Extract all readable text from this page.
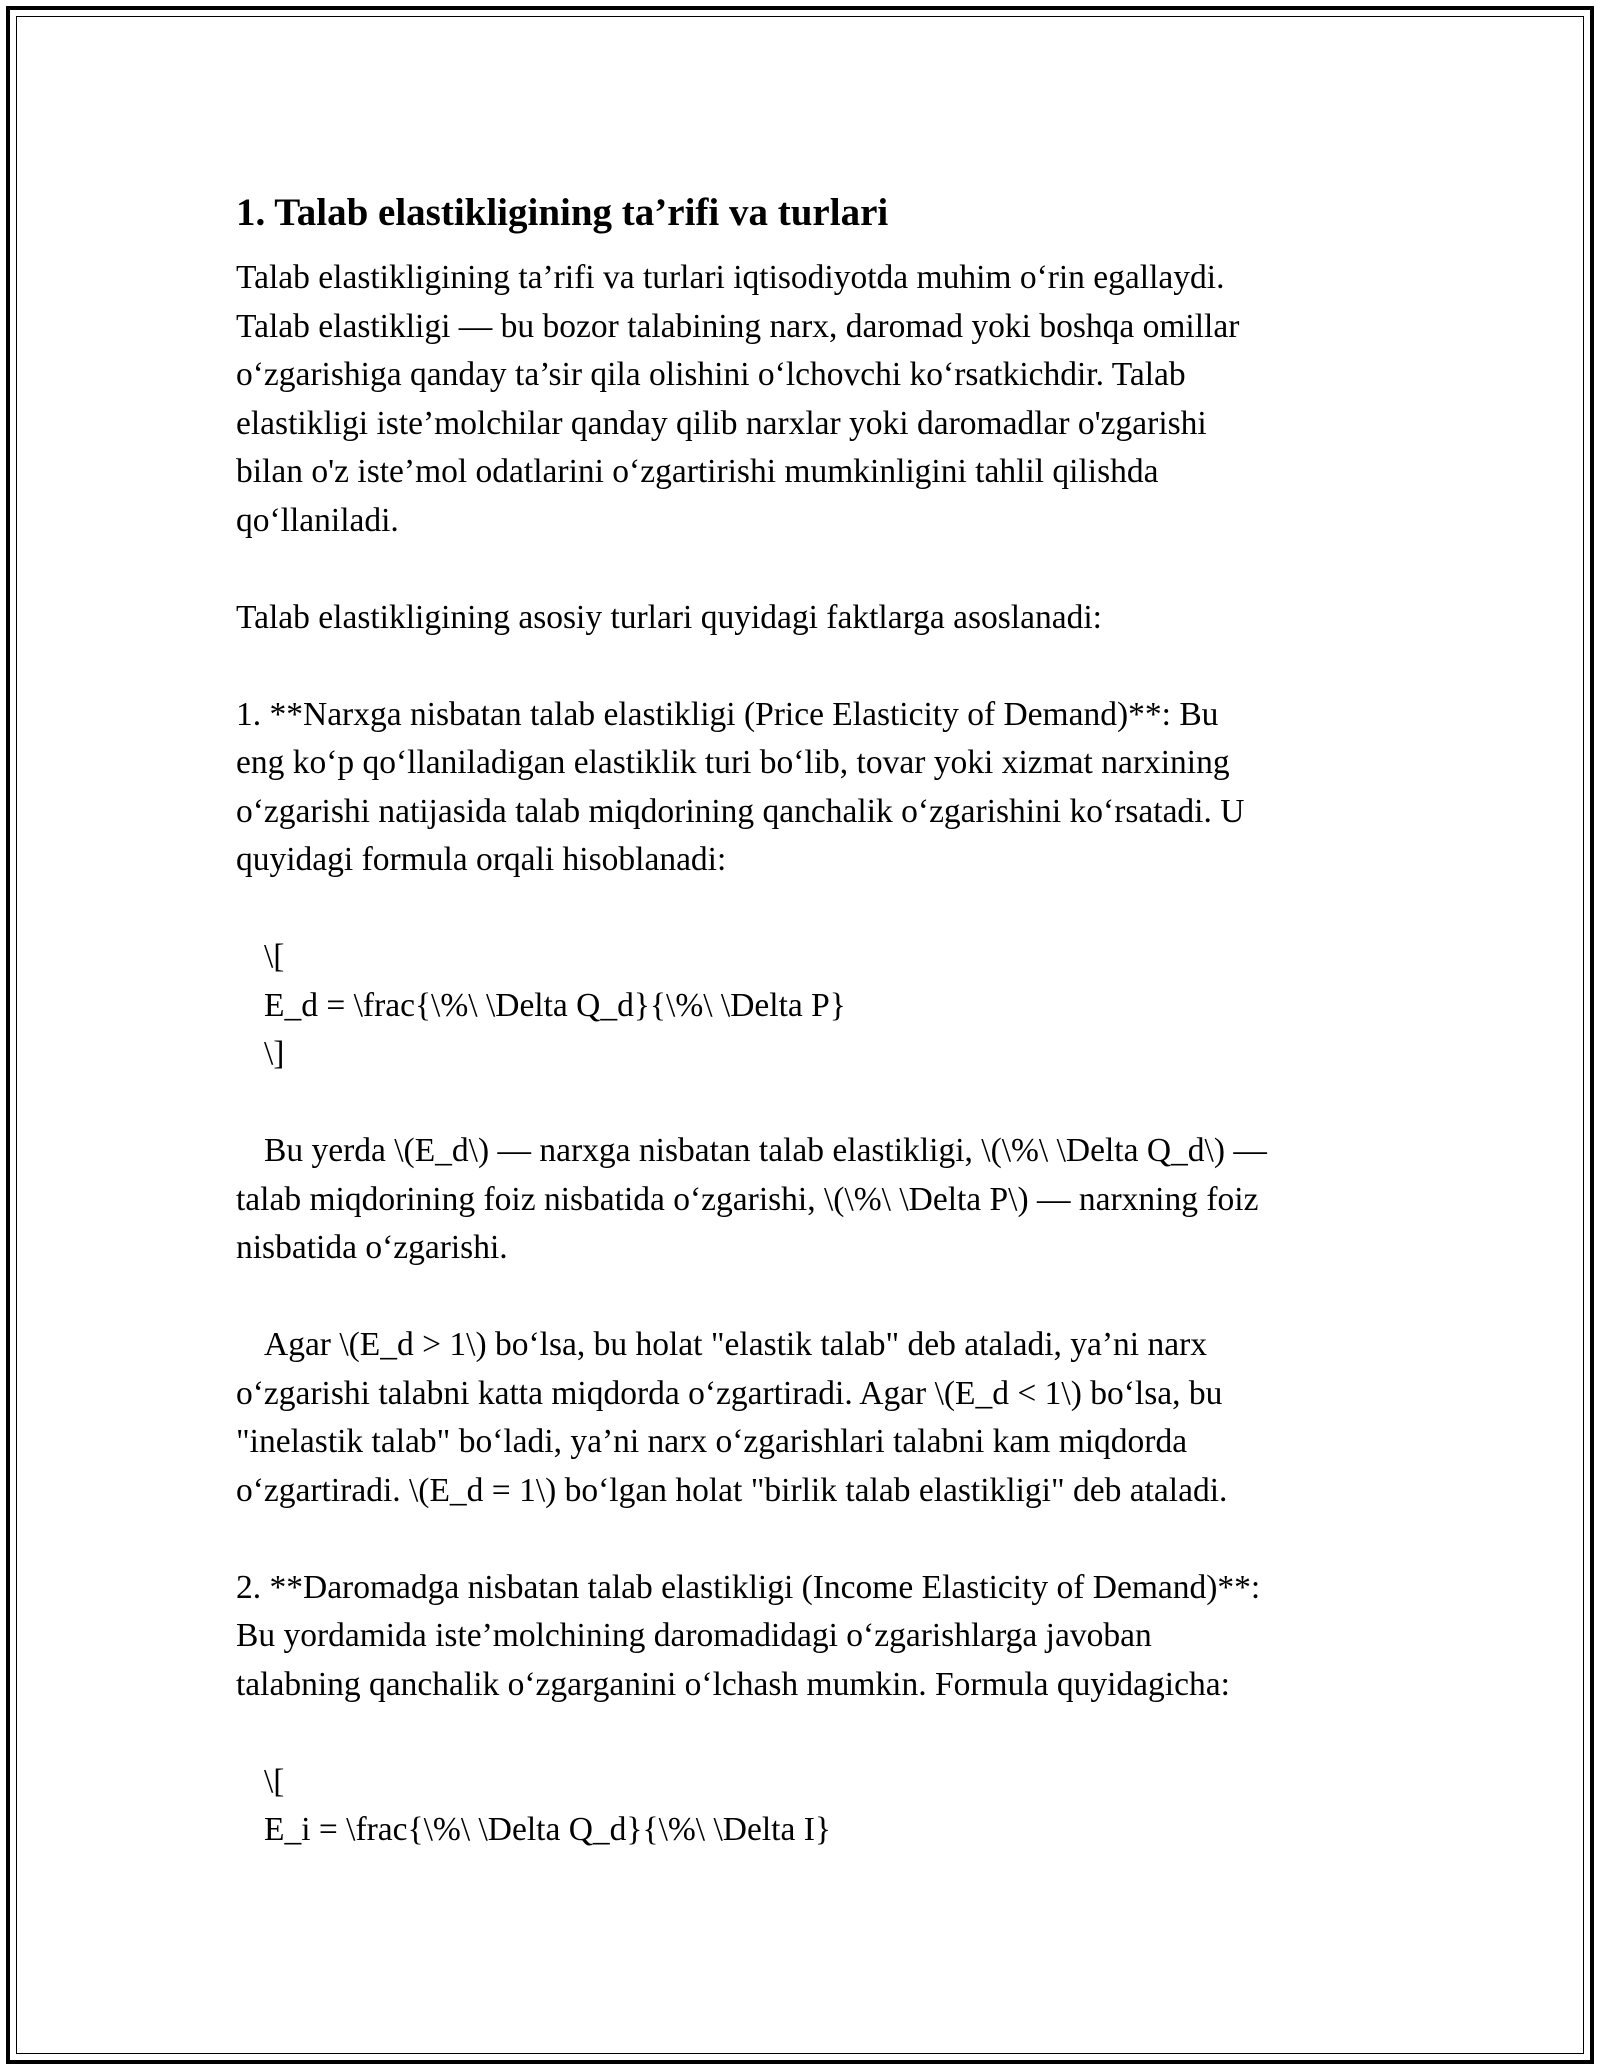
1. Talab elastikligining ta’rifi va turlari
Talab elastikligining ta’rifi va turlari iqtisodiyotda muhim o‘rin egallaydi.
Talab elastikligi — bu bozor talabining narx, daromad yoki boshqa omillar
o‘zgarishiga qanday ta’sir qila olishini o‘lchovchi ko‘rsatkichdir. Talab
elastikligi iste’molchilar qanday qilib narxlar yoki daromadlar o'zgarishi
bilan o'z iste’mol odatlarini o‘zgartirishi mumkinligini tahlil qilishda
qo‘llaniladi.
Talab elastikligining asosiy turlari quyidagi faktlarga asoslanadi:
1. **Narxga nisbatan talab elastikligi (Price Elasticity of Demand)**: Bu
eng ko‘p qo‘llaniladigan elastiklik turi bo‘lib, tovar yoki xizmat narxining
o‘zgarishi natijasida talab miqdorining qanchalik o‘zgarishini ko‘rsatadi. U
quyidagi formula orqali hisoblanadi:
\[
E_d = \frac{\%\ \Delta Q_d}{\%\ \Delta P}
\]
Bu yerda \(E_d\) — narxga nisbatan talab elastikligi, \(\%\ \Delta Q_d\) —
talab miqdorining foiz nisbatida o‘zgarishi, \(\%\ \Delta P\) — narxning foiz
nisbatida o‘zgarishi.
Agar \(E_d > 1\) bo‘lsa, bu holat "elastik talab" deb ataladi, ya’ni narx
o‘zgarishi talabni katta miqdorda o‘zgartiradi. Agar \(E_d < 1\) bo‘lsa, bu
"inelastik talab" bo‘ladi, ya’ni narx o‘zgarishlari talabni kam miqdorda
o‘zgartiradi. \(E_d = 1\) bo‘lgan holat "birlik talab elastikligi" deb ataladi.
2. **Daromadga nisbatan talab elastikligi (Income Elasticity of Demand)**:
Bu yordamida iste’molchining daromadidagi o‘zgarishlarga javoban
talabning qanchalik o‘zgarganini o‘lchash mumkin. Formula quyidagicha:
\[
E_i = \frac{\%\ \Delta Q_d}{\%\ \Delta I}
